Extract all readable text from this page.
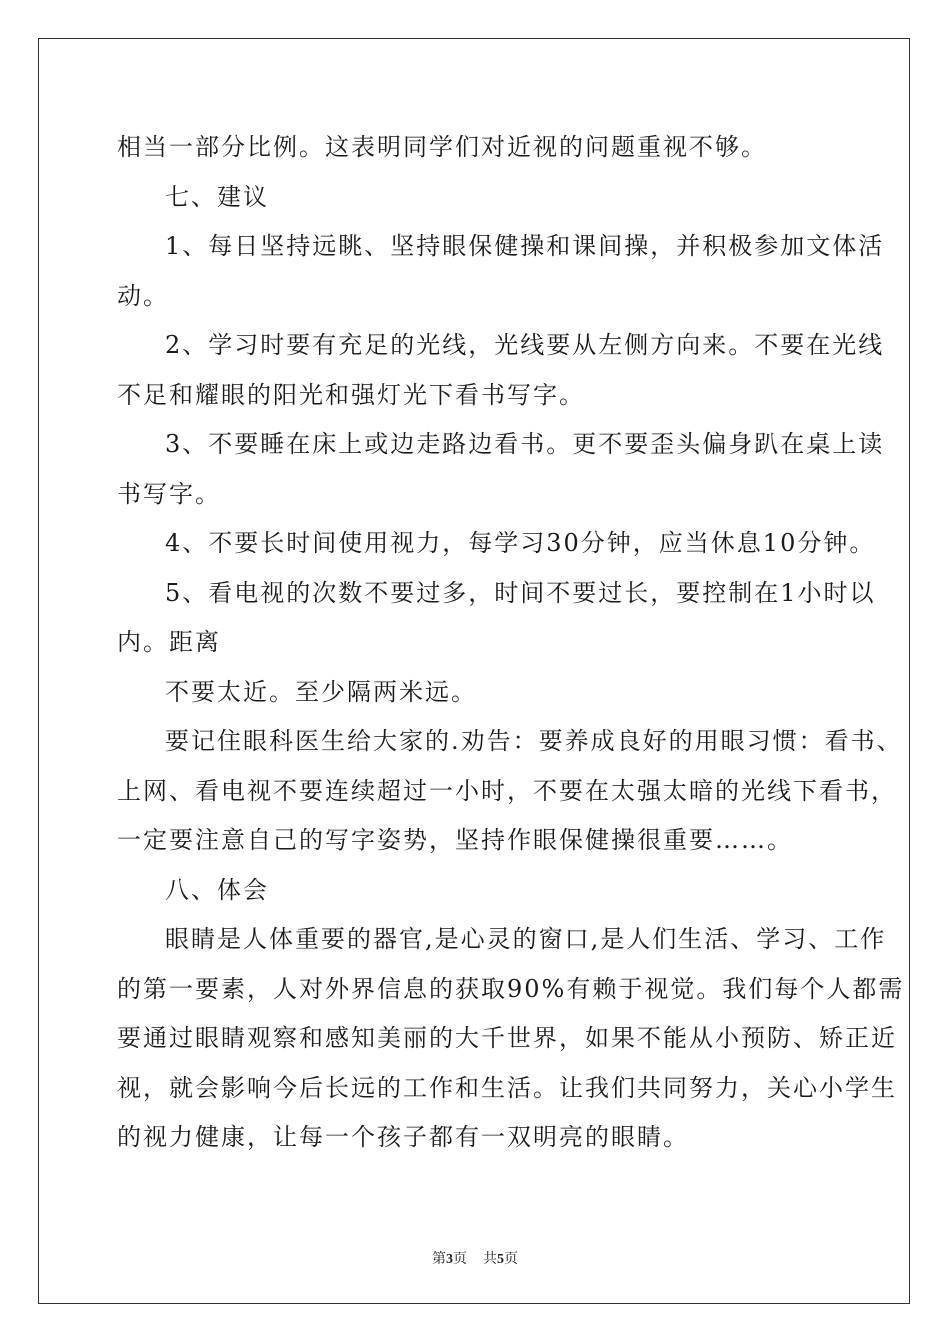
相当一部分比例。这表明同学们对近视的问题重视不够。
七、建议
1、每日坚持远眺、坚持眼保健操和课间操，并积极参加文体活
动。
2、学习时要有充足的光线，光线要从左侧方向来。不要在光线
不足和耀眼的阳光和强灯光下看书写字。
3、不要睡在床上或边走路边看书。更不要歪头偏身趴在桌上读
书写字。
4、不要长时间使用视力，每学习30分钟，应当休息10分钟。
5、看电视的次数不要过多，时间不要过长，要控制在1小时以
内。距离
不要太近。至少隔两米远。
要记住眼科医生给大家的.劝告：要养成良好的用眼习惯：看书、
上网、看电视不要连续超过一小时，不要在太强太暗的光线下看书，
一定要注意自己的写字姿势，坚持作眼保健操很重要……。
八、体会
眼睛是人体重要的器官,是心灵的窗口,是人们生活、学习、工作
的第一要素，人对外界信息的获取90%有赖于视觉。我们每个人都需
要通过眼睛观察和感知美丽的大千世界，如果不能从小预防、矫正近
视，就会影响今后长远的工作和生活。让我们共同努力，关心小学生
的视力健康，让每一个孩子都有一双明亮的眼睛。
第3页 共5页
